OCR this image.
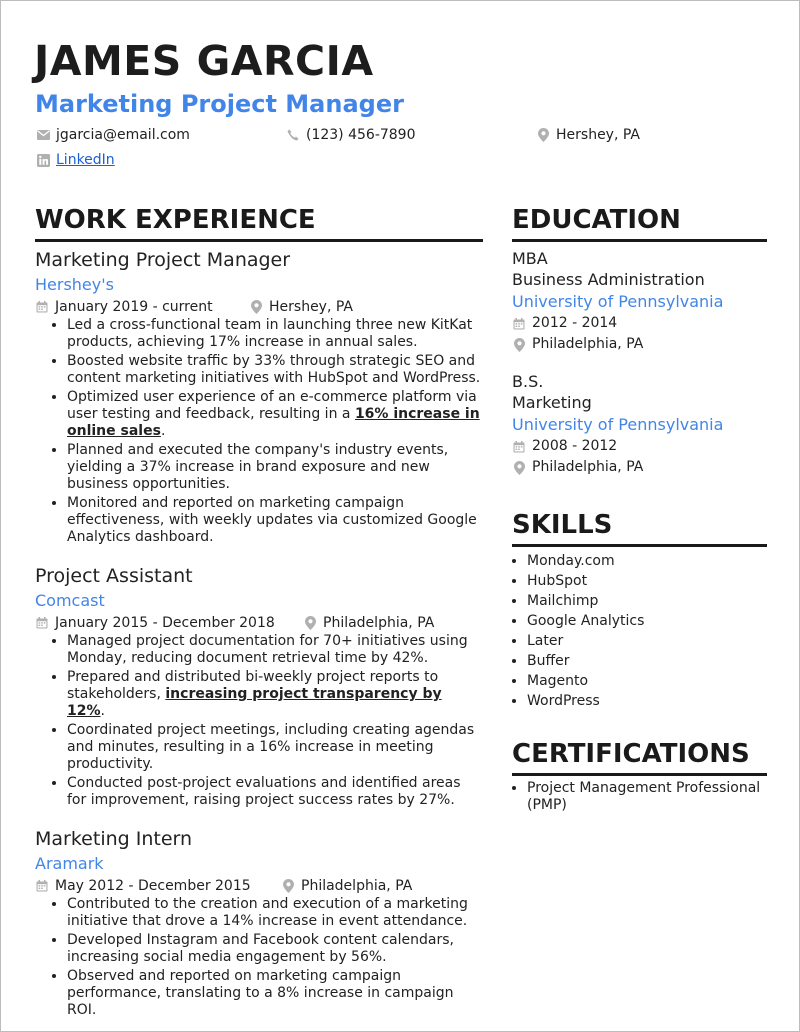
JAMES GARCIA
Marketing Project Manager
jgarcia@email.com	(123) 456-7890	Hershey, PA
LinkedIn
WORK EXPERIENCE
Marketing Project Manager
Hershey's
January 2019 - current	Hershey, PA
• Led a cross-functional team in launching three new KitKat products, achieving 17% increase in annual sales.
• Boosted website traffic by 33% through strategic SEO and content marketing initiatives with HubSpot and WordPress.
• Optimized user experience of an e-commerce platform via user testing and feedback, resulting in a 16% increase in online sales.
• Planned and executed the company's industry events, yielding a 37% increase in brand exposure and new business opportunities.
• Monitored and reported on marketing campaign effectiveness, with weekly updates via customized Google Analytics dashboard.
Project Assistant
Comcast
January 2015 - December 2018	Philadelphia, PA
• Managed project documentation for 70+ initiatives using Monday, reducing document retrieval time by 42%.
• Prepared and distributed bi-weekly project reports to stakeholders, increasing project transparency by 12%.
• Coordinated project meetings, including creating agendas and minutes, resulting in a 16% increase in meeting productivity.
• Conducted post-project evaluations and identified areas for improvement, raising project success rates by 27%.
Marketing Intern
Aramark
May 2012 - December 2015	Philadelphia, PA
• Contributed to the creation and execution of a marketing initiative that drove a 14% increase in event attendance.
• Developed Instagram and Facebook content calendars, increasing social media engagement by 56%.
• Observed and reported on marketing campaign performance, translating to a 8% increase in campaign ROI.
EDUCATION
MBA
Business Administration
University of Pennsylvania
2012 - 2014
Philadelphia, PA
B.S.
Marketing
University of Pennsylvania
2008 - 2012
Philadelphia, PA
SKILLS
• Monday.com
• HubSpot
• Mailchimp
• Google Analytics
• Later
• Buffer
• Magento
• WordPress
CERTIFICATIONS
• Project Management Professional (PMP)
